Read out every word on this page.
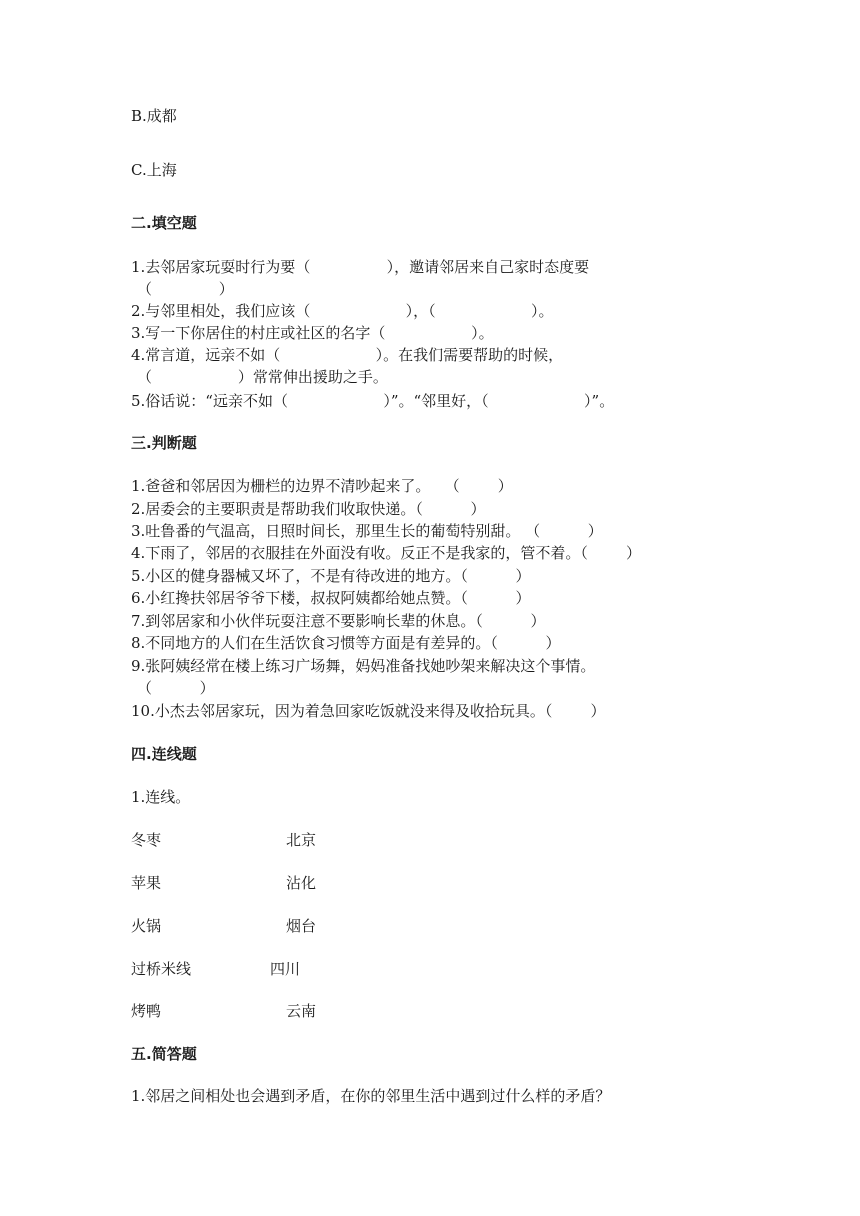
B.成都
C.上海
二.填空题
1.去邻居家玩耍时行为要（                ），邀请邻居来自己家时态度要
（              ）
2.与邻里相处，我们应该（                    ），（                    ）。
3.写一下你居住的村庄或社区的名字（                  ）。
4.常言道，远亲不如（                    ）。在我们需要帮助的时候，
（                  ）常常伸出援助之手。
5.俗话说：“远亲不如（                    ）”。“邻里好，（                    ）”。
三.判断题
1.爸爸和邻居因为栅栏的边界不清吵起来了。   （        ）
2.居委会的主要职责是帮助我们收取快递。（          ）
3.吐鲁番的气温高，日照时间长，那里生长的葡萄特别甜。 （          ）
4.下雨了，邻居的衣服挂在外面没有收。反正不是我家的，管不着。（        ）
5.小区的健身器械又坏了，不是有待改进的地方。（          ）
6.小红搀扶邻居爷爷下楼，叔叔阿姨都给她点赞。（          ）
7.到邻居家和小伙伴玩耍注意不要影响长辈的休息。（          ）
8.不同地方的人们在生活饮食习惯等方面是有差异的。（          ）
9.张阿姨经常在楼上练习广场舞，妈妈准备找她吵架来解决这个事情。
（          ）
10.小杰去邻居家玩，因为着急回家吃饭就没来得及收拾玩具。（        ）
四.连线题
1.连线。
冬枣	北京
苹果	沾化
火锅	烟台
过桥米线	四川
烤鸭	云南
五.简答题
1.邻居之间相处也会遇到矛盾，在你的邻里生活中遇到过什么样的矛盾？
